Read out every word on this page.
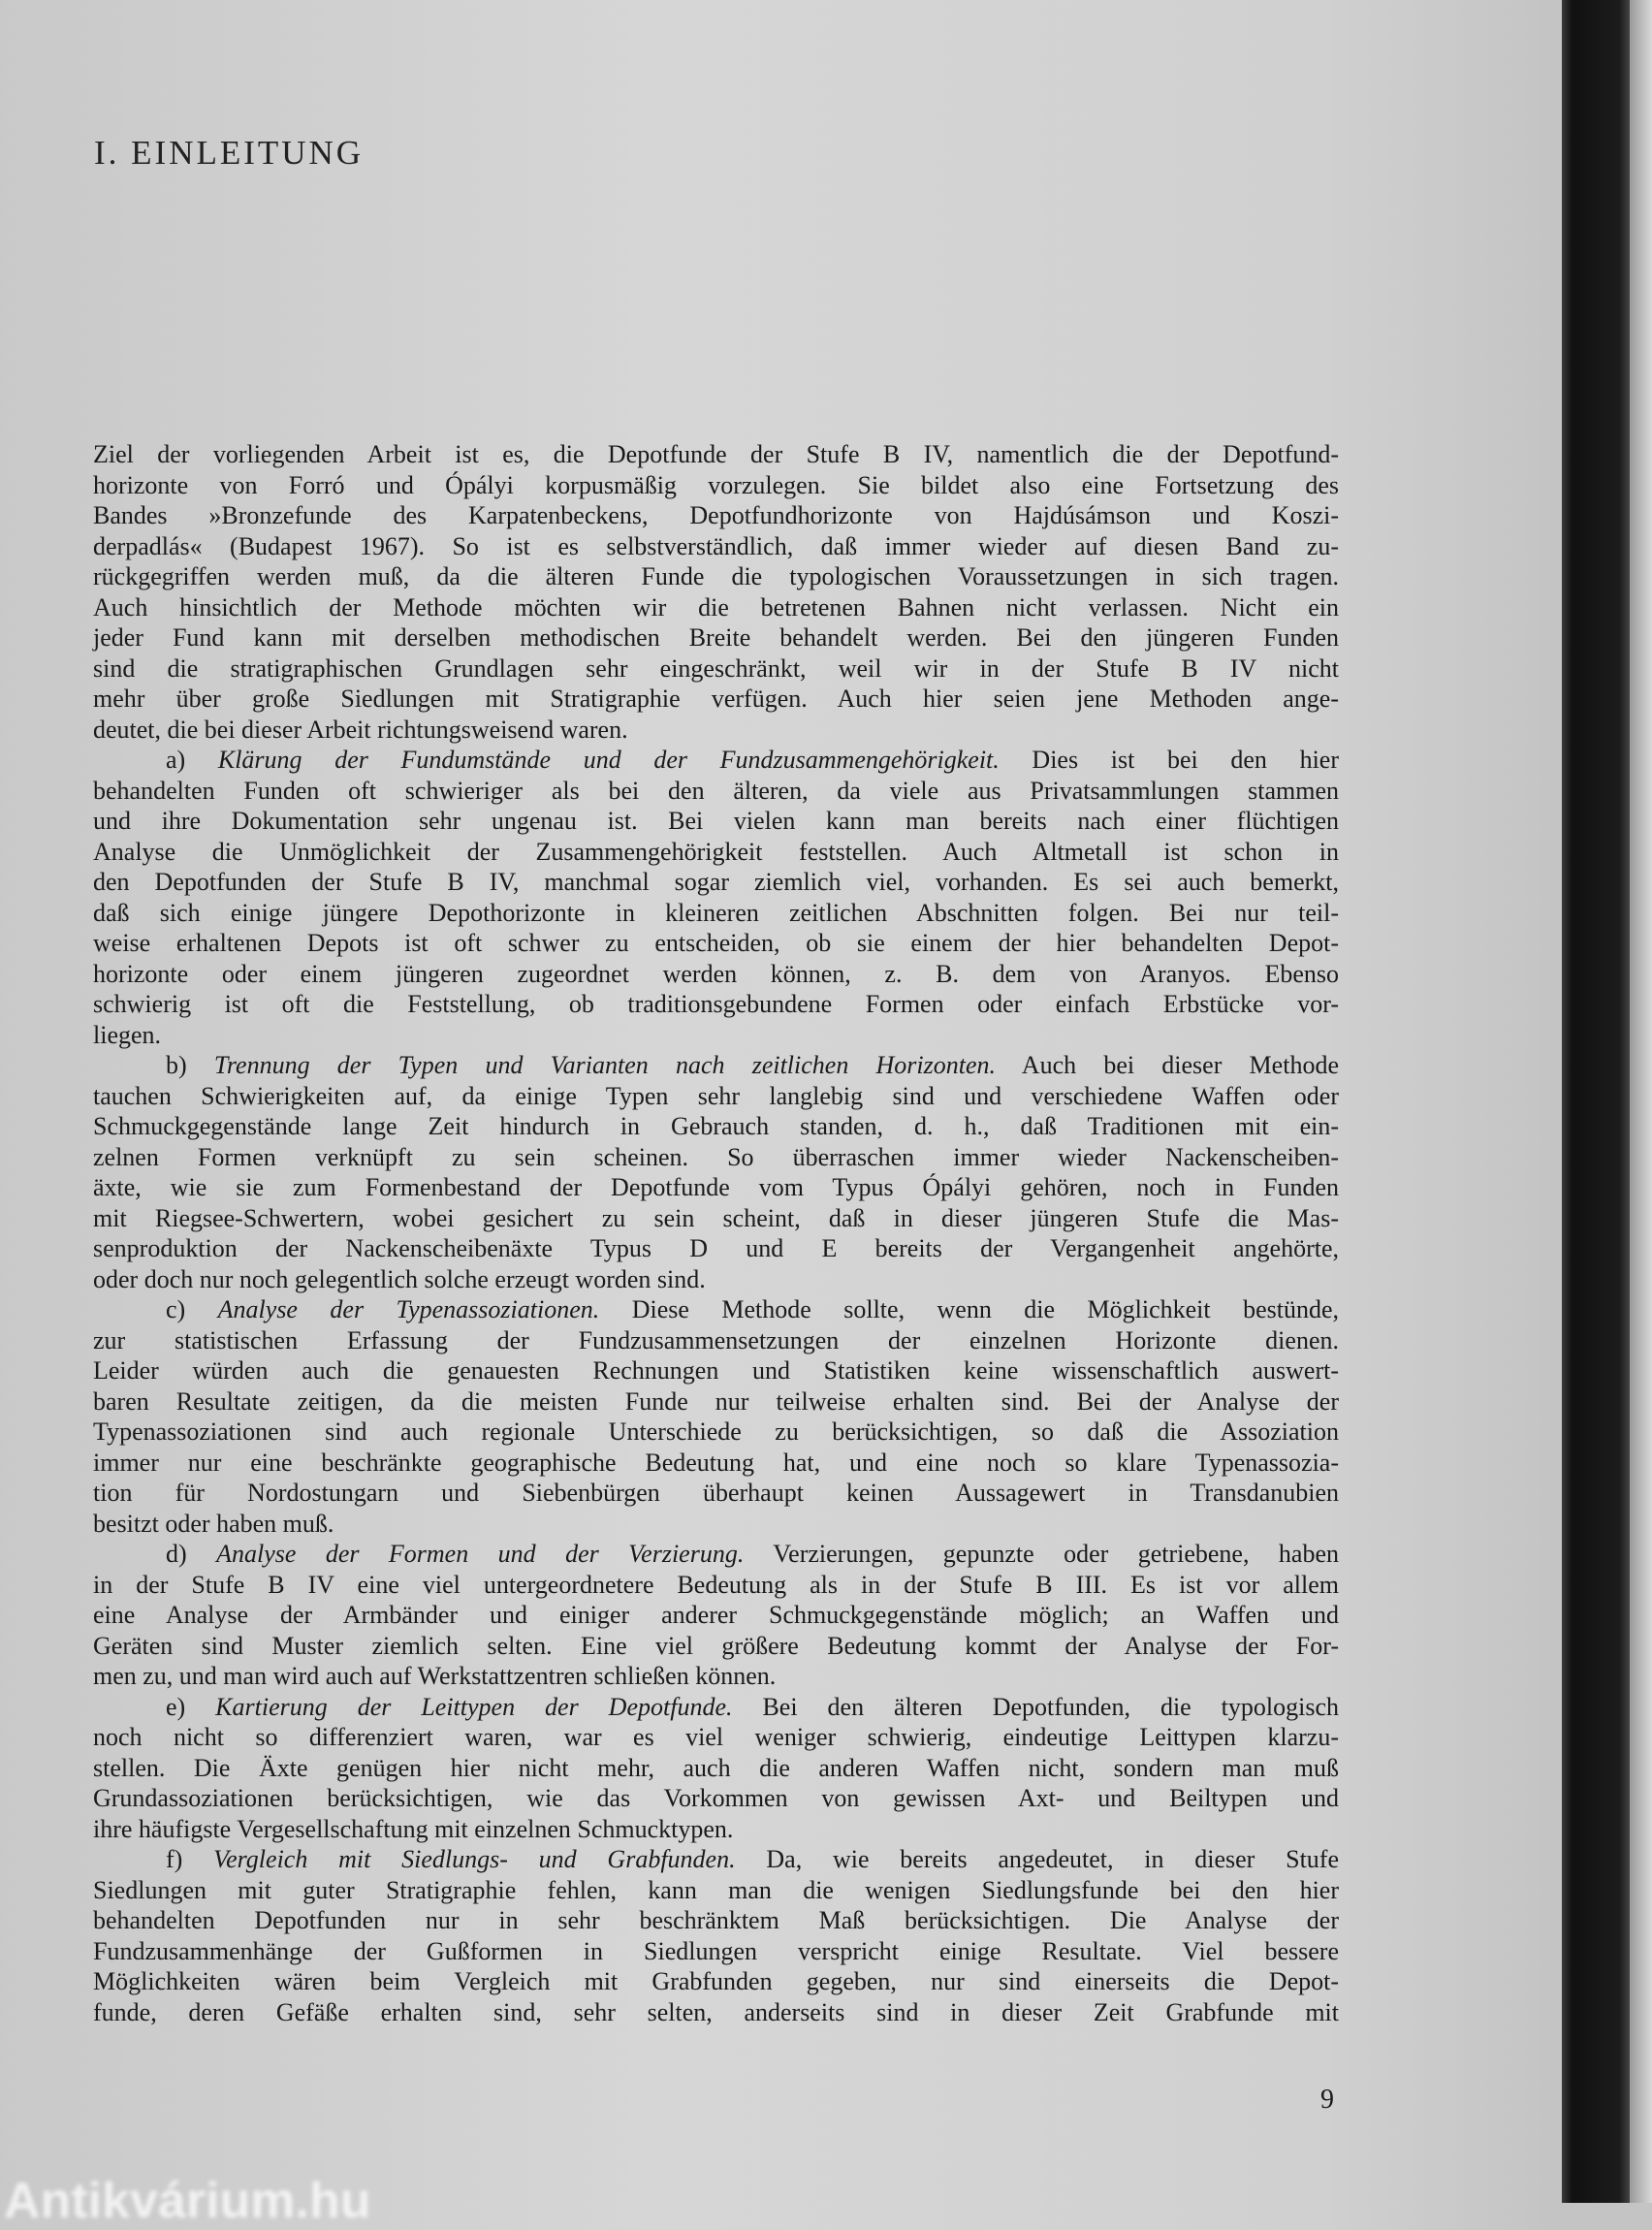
I. EINLEITUNG
Ziel der vorliegenden Arbeit ist es, die Depotfunde der Stufe B IV, namentlich die der Depotfund-
horizonte von Forró und Ópályi korpusmäßig vorzulegen. Sie bildet also eine Fortsetzung des
Bandes »Bronzefunde des Karpatenbeckens, Depotfundhorizonte von Hajdúsámson und Koszi-
derpadlás« (Budapest 1967). So ist es selbstverständlich, daß immer wieder auf diesen Band zu-
rückgegriffen werden muß, da die älteren Funde die typologischen Voraussetzungen in sich tragen.
Auch hinsichtlich der Methode möchten wir die betretenen Bahnen nicht verlassen. Nicht ein
jeder Fund kann mit derselben methodischen Breite behandelt werden. Bei den jüngeren Funden
sind die stratigraphischen Grundlagen sehr eingeschränkt, weil wir in der Stufe B IV nicht
mehr über große Siedlungen mit Stratigraphie verfügen. Auch hier seien jene Methoden ange-
deutet, die bei dieser Arbeit richtungsweisend waren.
a) Klärung der Fundumstände und der Fundzusammengehörigkeit. Dies ist bei den hier
behandelten Funden oft schwieriger als bei den älteren, da viele aus Privatsammlungen stammen
und ihre Dokumentation sehr ungenau ist. Bei vielen kann man bereits nach einer flüchtigen
Analyse die Unmöglichkeit der Zusammengehörigkeit feststellen. Auch Altmetall ist schon in
den Depotfunden der Stufe B IV, manchmal sogar ziemlich viel, vorhanden. Es sei auch bemerkt,
daß sich einige jüngere Depothorizonte in kleineren zeitlichen Abschnitten folgen. Bei nur teil-
weise erhaltenen Depots ist oft schwer zu entscheiden, ob sie einem der hier behandelten Depot-
horizonte oder einem jüngeren zugeordnet werden können, z. B. dem von Aranyos. Ebenso
schwierig ist oft die Feststellung, ob traditionsgebundene Formen oder einfach Erbstücke vor-
liegen.
b) Trennung der Typen und Varianten nach zeitlichen Horizonten. Auch bei dieser Methode
tauchen Schwierigkeiten auf, da einige Typen sehr langlebig sind und verschiedene Waffen oder
Schmuckgegenstände lange Zeit hindurch in Gebrauch standen, d. h., daß Traditionen mit ein-
zelnen Formen verknüpft zu sein scheinen. So überraschen immer wieder Nackenscheiben-
äxte, wie sie zum Formenbestand der Depotfunde vom Typus Ópályi gehören, noch in Funden
mit Riegsee-Schwertern, wobei gesichert zu sein scheint, daß in dieser jüngeren Stufe die Mas-
senproduktion der Nackenscheibenäxte Typus D und E bereits der Vergangenheit angehörte,
oder doch nur noch gelegentlich solche erzeugt worden sind.
c) Analyse der Typenassoziationen. Diese Methode sollte, wenn die Möglichkeit bestünde,
zur statistischen Erfassung der Fundzusammensetzungen der einzelnen Horizonte dienen.
Leider würden auch die genauesten Rechnungen und Statistiken keine wissenschaftlich auswert-
baren Resultate zeitigen, da die meisten Funde nur teilweise erhalten sind. Bei der Analyse der
Typenassoziationen sind auch regionale Unterschiede zu berücksichtigen, so daß die Assoziation
immer nur eine beschränkte geographische Bedeutung hat, und eine noch so klare Typenassozia-
tion für Nordostungarn und Siebenbürgen überhaupt keinen Aussagewert in Transdanubien
besitzt oder haben muß.
d) Analyse der Formen und der Verzierung. Verzierungen, gepunzte oder getriebene, haben
in der Stufe B IV eine viel untergeordnetere Bedeutung als in der Stufe B III. Es ist vor allem
eine Analyse der Armbänder und einiger anderer Schmuckgegenstände möglich; an Waffen und
Geräten sind Muster ziemlich selten. Eine viel größere Bedeutung kommt der Analyse der For-
men zu, und man wird auch auf Werkstattzentren schließen können.
e) Kartierung der Leittypen der Depotfunde. Bei den älteren Depotfunden, die typologisch
noch nicht so differenziert waren, war es viel weniger schwierig, eindeutige Leittypen klarzu-
stellen. Die Äxte genügen hier nicht mehr, auch die anderen Waffen nicht, sondern man muß
Grundassoziationen berücksichtigen, wie das Vorkommen von gewissen Axt- und Beiltypen und
ihre häufigste Vergesellschaftung mit einzelnen Schmucktypen.
f) Vergleich mit Siedlungs- und Grabfunden. Da, wie bereits angedeutet, in dieser Stufe
Siedlungen mit guter Stratigraphie fehlen, kann man die wenigen Siedlungsfunde bei den hier
behandelten Depotfunden nur in sehr beschränktem Maß berücksichtigen. Die Analyse der
Fundzusammenhänge der Gußformen in Siedlungen verspricht einige Resultate. Viel bessere
Möglichkeiten wären beim Vergleich mit Grabfunden gegeben, nur sind einerseits die Depot-
funde, deren Gefäße erhalten sind, sehr selten, anderseits sind in dieser Zeit Grabfunde mit
9
Antikvárium.hu
